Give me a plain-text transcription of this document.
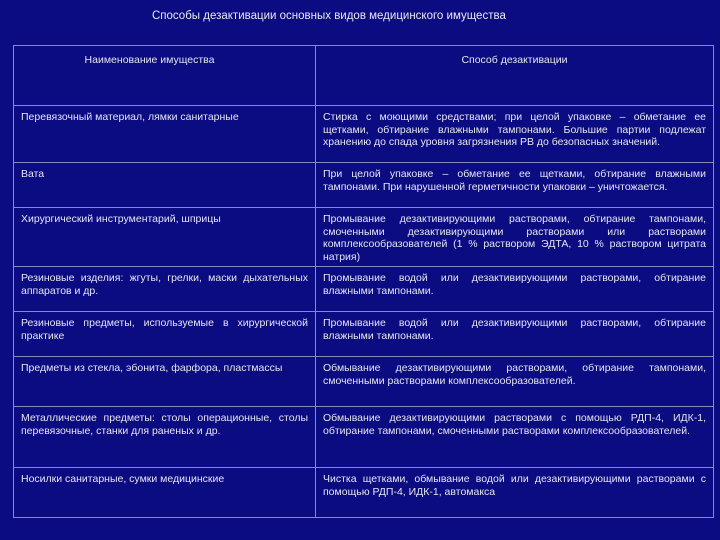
Способы дезактивации основных видов медицинского имущества
Наименование имущества	Способ дезактивации
Перевязочный материал, лямки санитарные	Стирка с моющими средствами; при целой упаковке – обметание ее щетками, обтирание влажными тампонами. Большие партии подлежат хранению до спада уровня загрязнения РВ до безопасных значений.
Вата	При целой упаковке – обметание ее щетками, обтирание влажными тампонами. При нарушенной герметичности упаковки – уничтожается.
Хирургический инструментарий, шприцы	Промывание дезактивирующими растворами, обтирание тампонами, смоченными дезактивирующими растворами или растворами комплексообразователей (1 % раствором ЭДТА, 10 % раствором цитрата натрия)
Резиновые изделия: жгуты, грелки, маски дыхательных аппаратов и др.	Промывание водой или дезактивирующими растворами, обтирание влажными тампонами.
Резиновые предметы, используемые в хирургической практике	Промывание водой или дезактивирующими растворами, обтирание влажными тампонами.
Предметы из стекла, эбонита, фарфора, пластмассы	Обмывание дезактивирующими растворами, обтирание тампонами, смоченными растворами комплексообразователей.
Металлические предметы: столы операционные, столы перевязочные, станки для раненых и др.	Обмывание дезактивирующими растворами с помощью РДП-4, ИДК-1, обтирание тампонами, смоченными растворами комплексообразователей.
Носилки санитарные, сумки медицинские	Чистка щетками, обмывание водой или дезактивирующими растворами с помощью РДП-4, ИДК-1, автомакса
